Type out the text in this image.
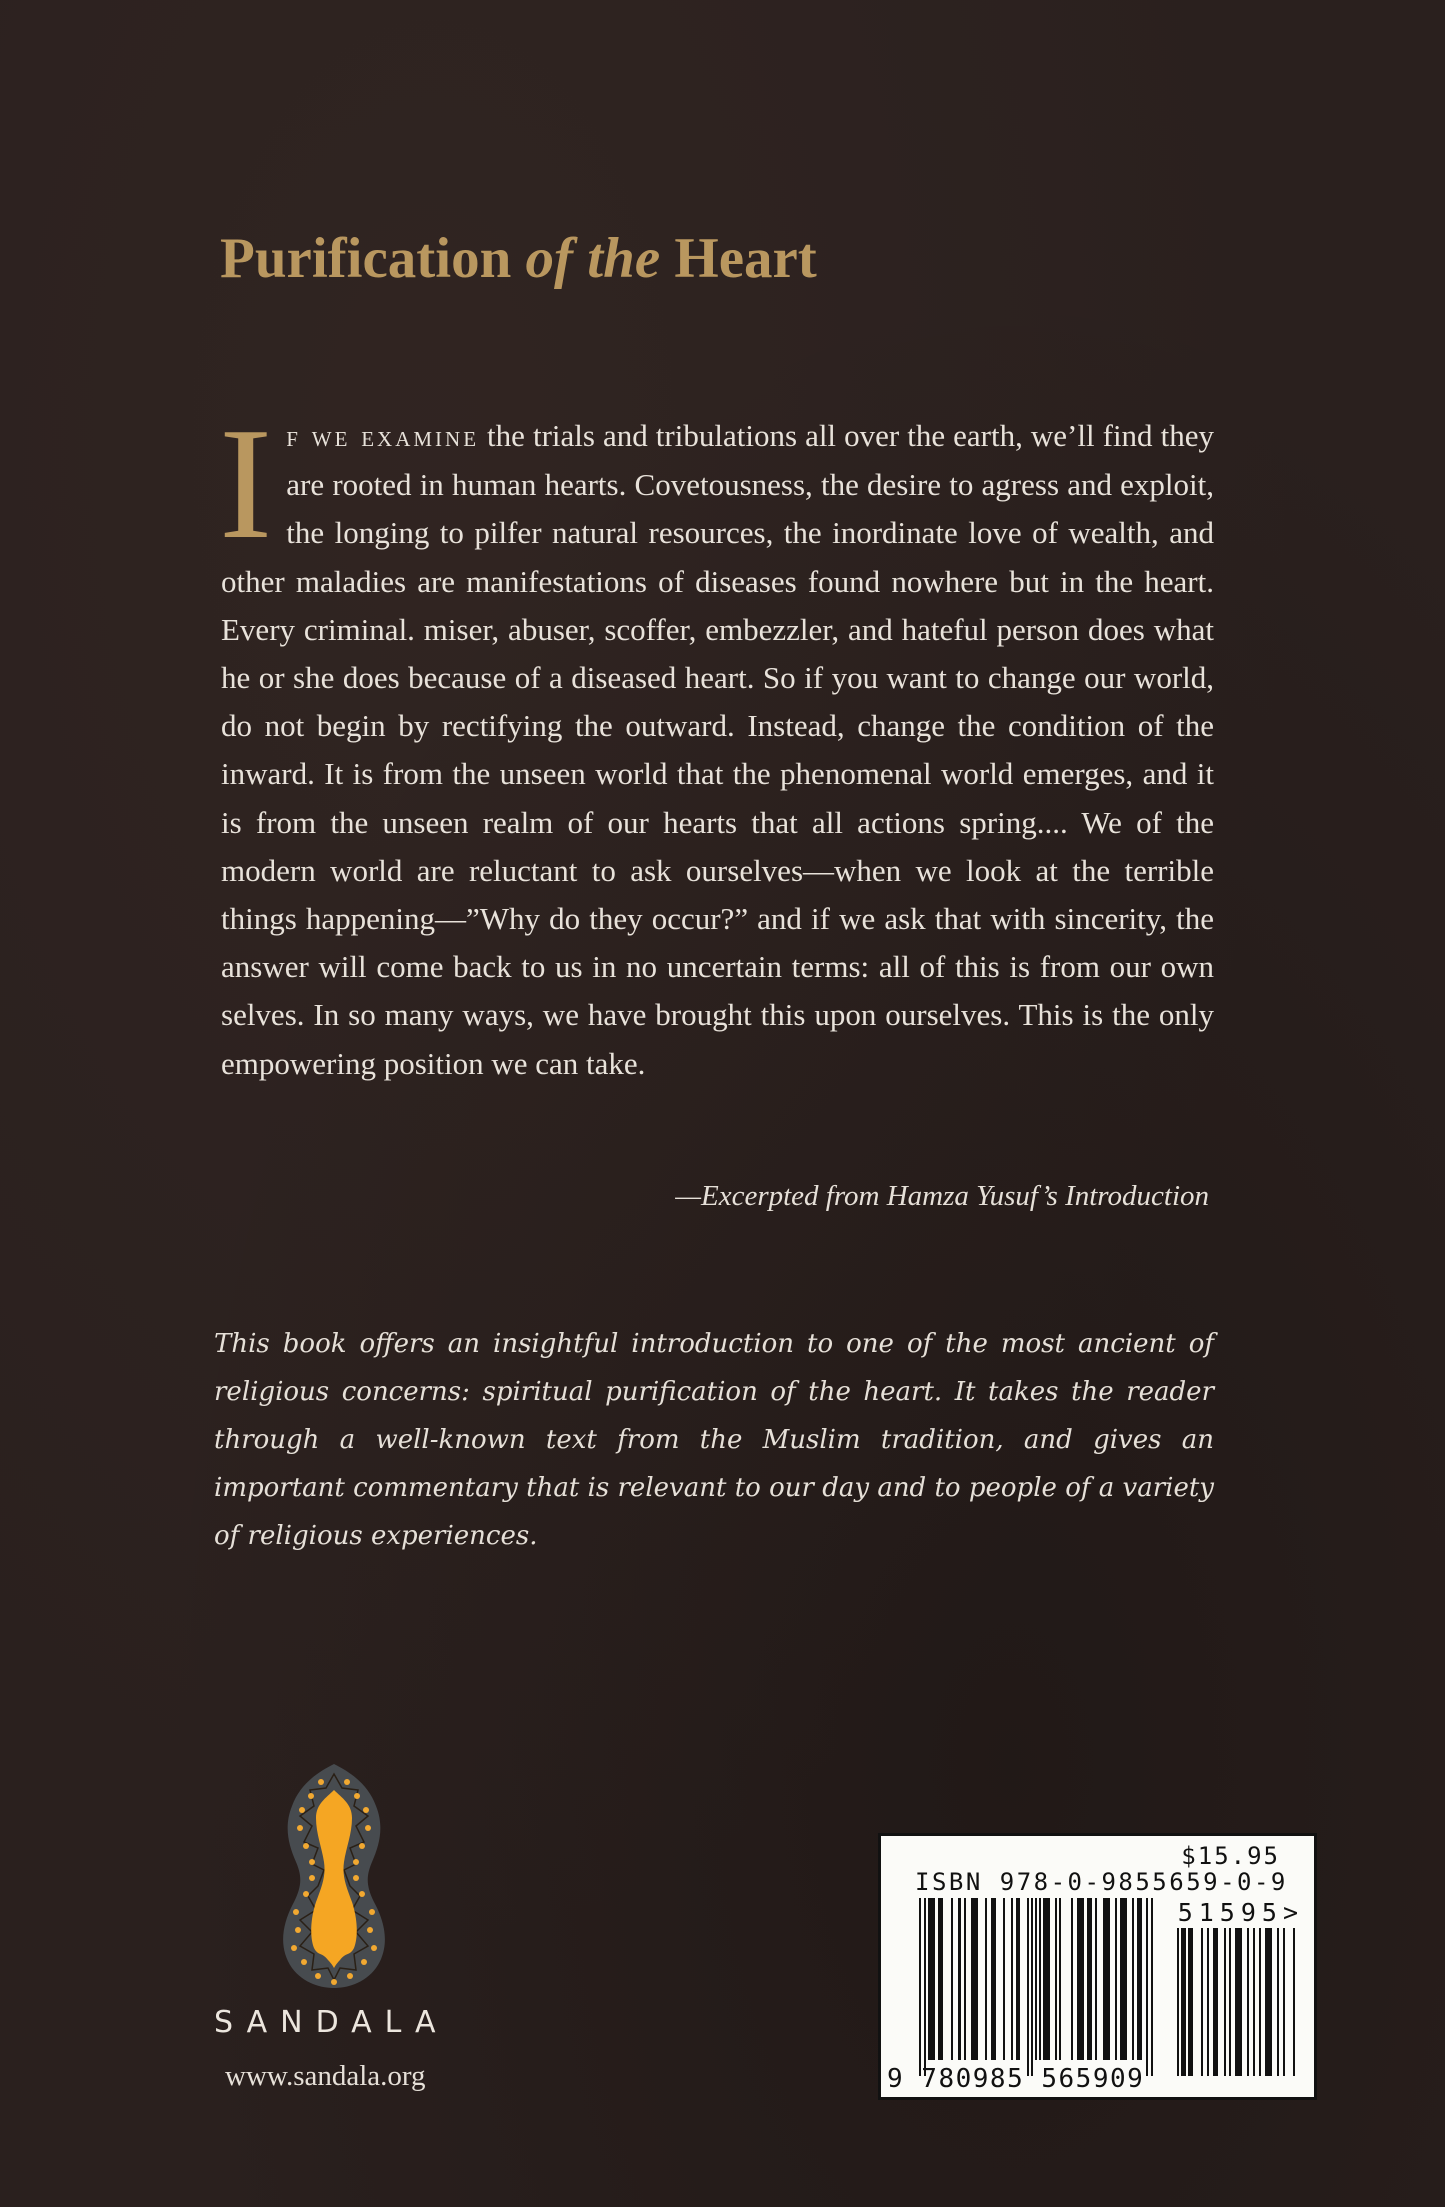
Purification of the Heart
If we examine the trials and tribulations all over the earth, we’ll find they are rooted in human hearts. Covetousness, the desire to agress and exploit, the longing to pilfer natural resources, the inordinate love of wealth, and other maladies are manifestations of diseases found nowhere but in the heart. Every criminal. miser, abuser, scoffer, embezzler, and hateful person does what he or she does because of a diseased heart. So if you want to change our world, do not begin by rectifying the outward. Instead, change the condition of the inward. It is from the unseen world that the phenomenal world emerges, and it is from the unseen realm of our hearts that all actions spring.... We of the modern world are reluctant to ask ourselves—when we look at the terrible things happening—”Why do they occur?” and if we ask that with sincerity, the answer will come back to us in no uncertain terms: all of this is from our own selves. In so many ways, we have brought this upon ourselves. This is the only empowering position we can take.
—Excerpted from Hamza Yusuf’s Introduction
This book offers an insightful introduction to one of the most ancient of religious concerns: spiritual purification of the heart. It takes the reader through a well-known text from the Muslim tradition, and gives an important commentary that is relevant to our day and to people of a variety of religious experiences.
SANDALA
www.sandala.org
$15.95
ISBN 978-0-9855659-0-9
51595>
9 780985 565909
